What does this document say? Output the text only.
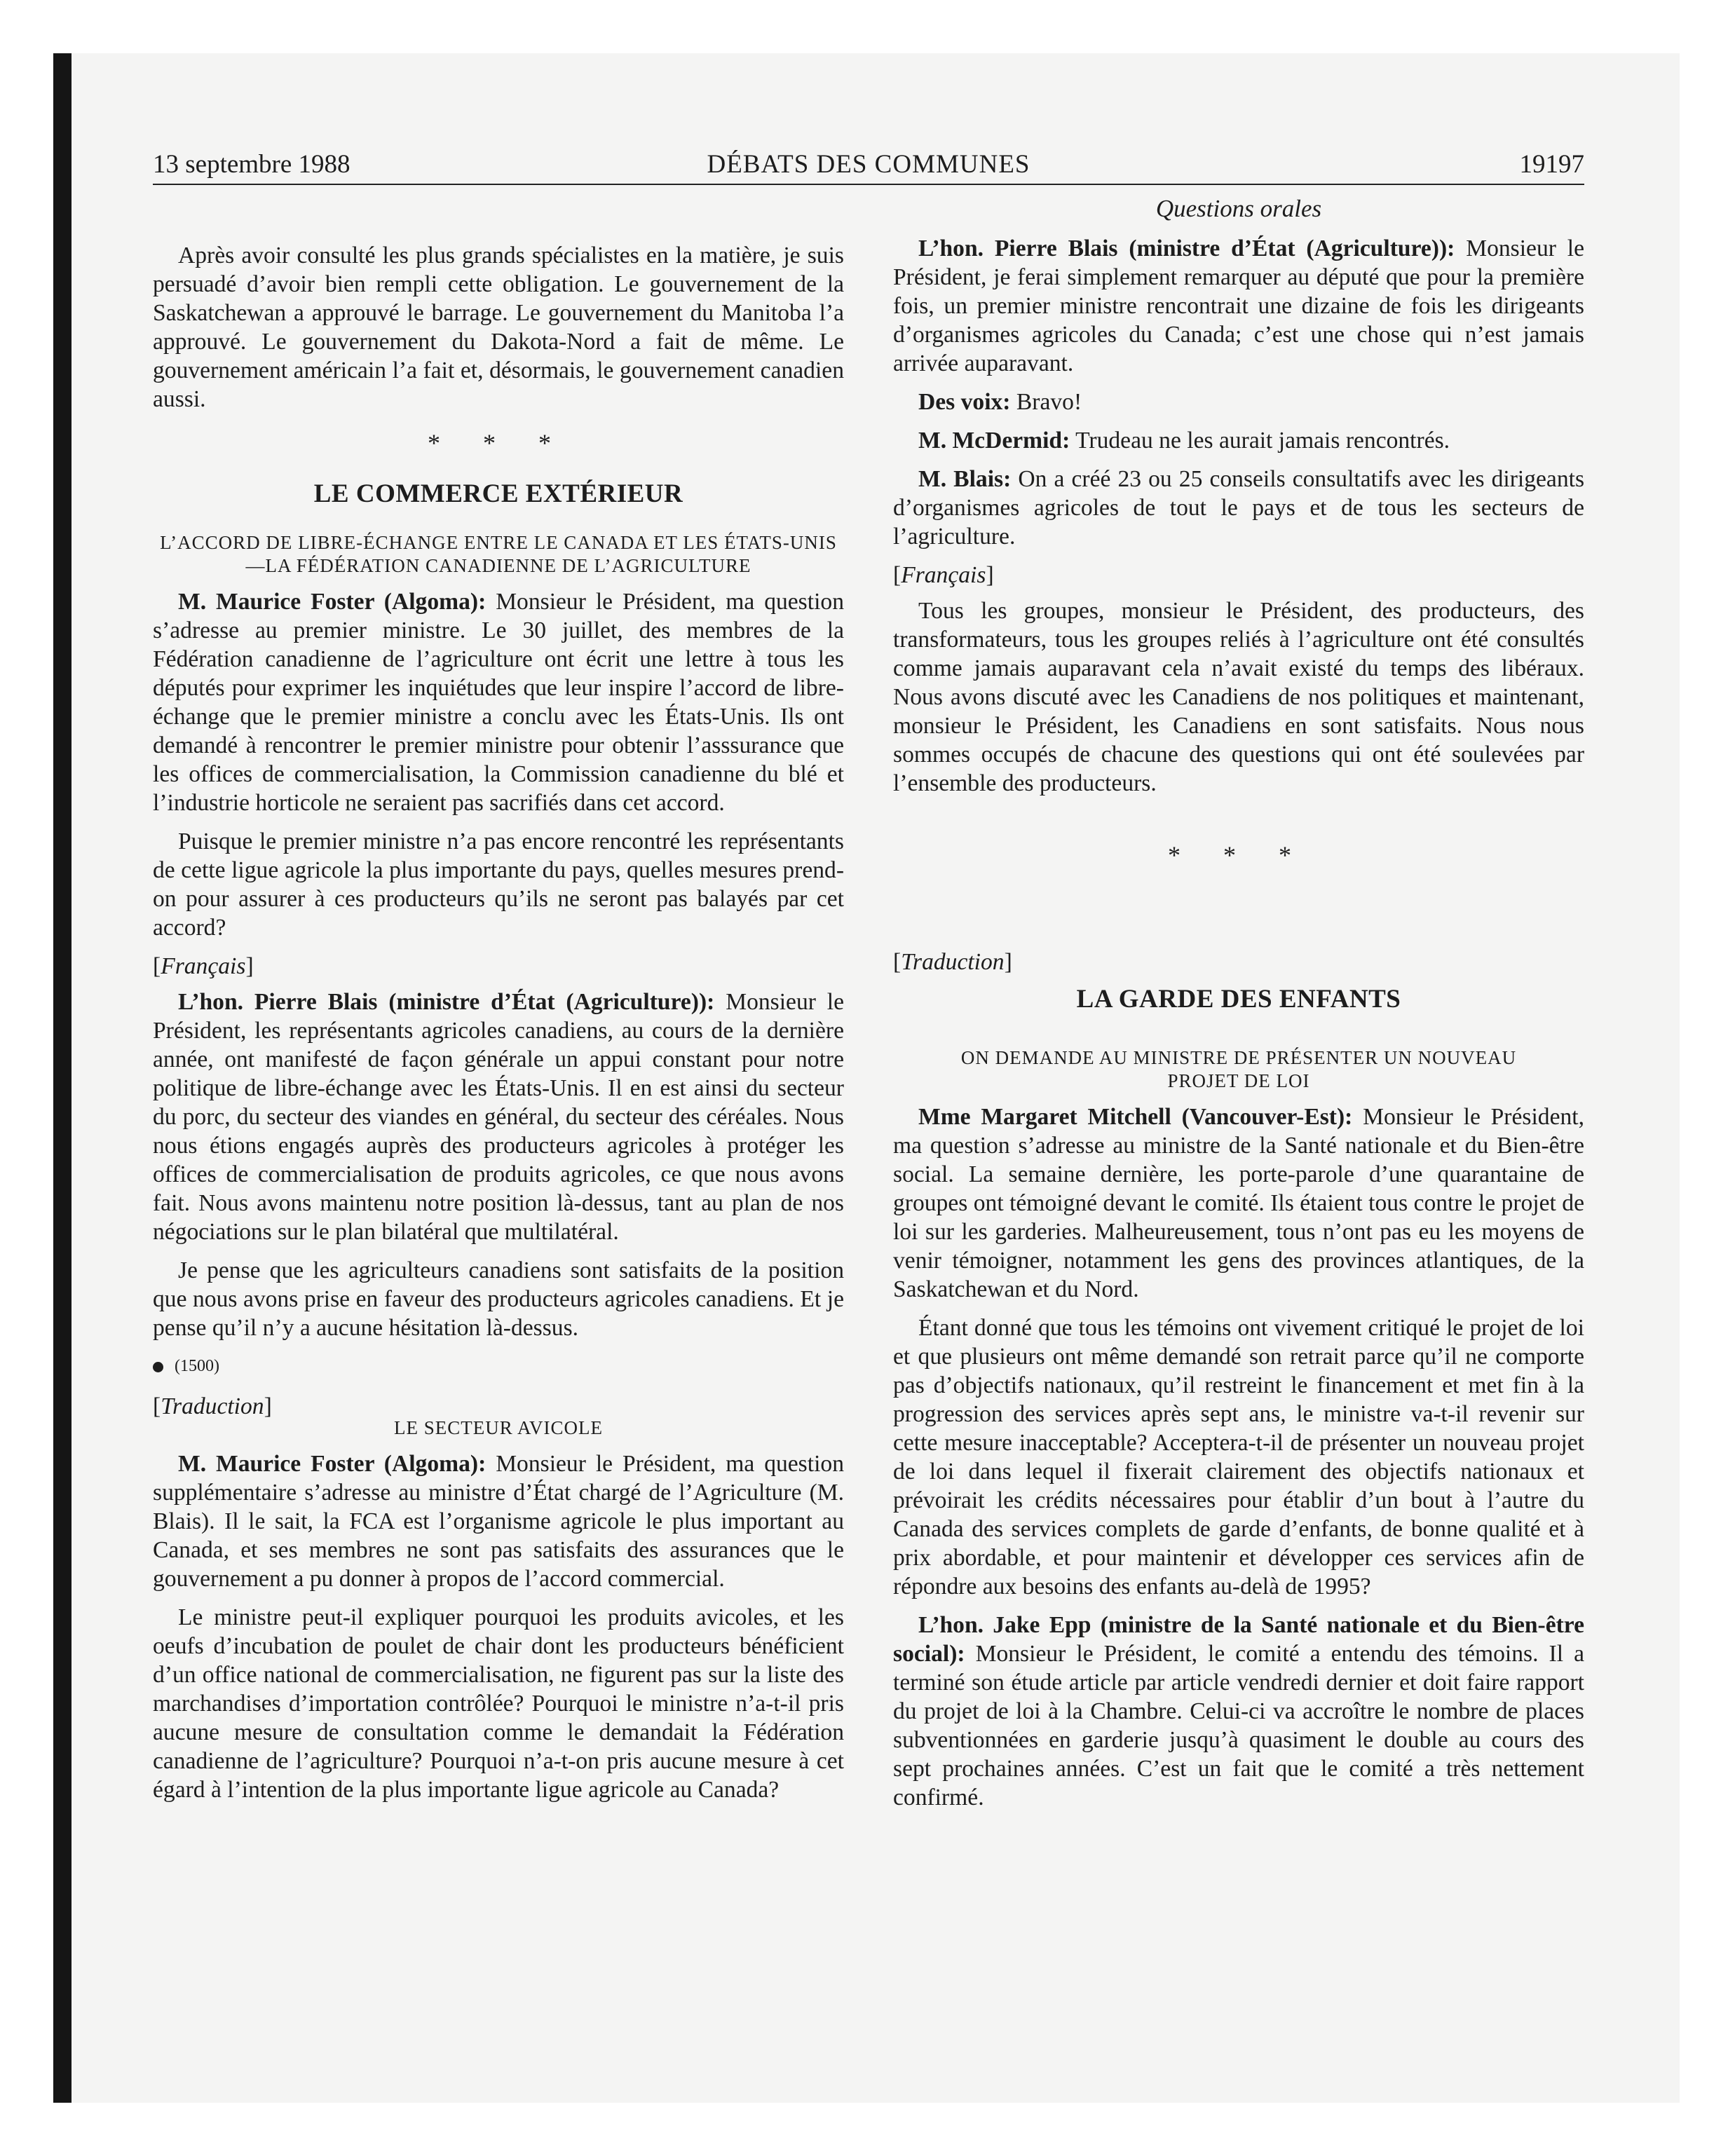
DÉBATS DES COMMUNES
13 septembre 1988	19197

Après avoir consulté les plus grands spécialistes en la matière, je suis persuadé d’avoir bien rempli cette obligation. Le gouvernement de la Saskatchewan a approuvé le barrage. Le gouvernement du Manitoba l’a approuvé. Le gouvernement du Dakota-Nord a fait de même. Le gouvernement américain l’a fait et, désormais, le gouvernement canadien aussi.

* * *
LE COMMERCE EXTÉRIEUR
L’ACCORD DE LIBRE-ÉCHANGE ENTRE LE CANADA ET LES ÉTATS-UNIS—LA FÉDÉRATION CANADIENNE DE L’AGRICULTURE

M. Maurice Foster (Algoma): Monsieur le Président, ma question s’adresse au premier ministre. Le 30 juillet, des membres de la Fédération canadienne de l’agriculture ont écrit une lettre à tous les députés pour exprimer les inquiétudes que leur inspire l’accord de libre-échange que le premier ministre a conclu avec les États-Unis. Ils ont demandé à rencontrer le premier ministre pour obtenir l’asssurance que les offices de commercialisation, la Commission canadienne du blé et l’industrie horticole ne seraient pas sacrifiés dans cet accord.

Puisque le premier ministre n’a pas encore rencontré les représentants de cette ligue agricole la plus importante du pays, quelles mesures prend-on pour assurer à ces producteurs qu’ils ne seront pas balayés par cet accord?

[Français]

L’hon. Pierre Blais (ministre d’État (Agriculture)): Monsieur le Président, les représentants agricoles canadiens, au cours de la dernière année, ont manifesté de façon générale un appui constant pour notre politique de libre-échange avec les États-Unis. Il en est ainsi du secteur du porc, du secteur des viandes en général, du secteur des céréales. Nous nous étions engagés auprès des producteurs agricoles à protéger les offices de commercialisation de produits agricoles, ce que nous avons fait. Nous avons maintenu notre position là-dessus, tant au plan de nos négociations sur le plan bilatéral que multilatéral.

Je pense que les agriculteurs canadiens sont satisfaits de la position que nous avons prise en faveur des producteurs agricoles canadiens. Et je pense qu’il n’y a aucune hésitation là-dessus.

(1500)
[Traduction]
LE SECTEUR AVICOLE

M. Maurice Foster (Algoma): Monsieur le Président, ma question supplémentaire s’adresse au ministre d’État chargé de l’Agriculture (M. Blais). Il le sait, la FCA est l’organisme agricole le plus important au Canada, et ses membres ne sont pas satisfaits des assurances que le gouvernement a pu donner à propos de l’accord commercial.

Le ministre peut-il expliquer pourquoi les produits avicoles, et les oeufs d’incubation de poulet de chair dont les producteurs bénéficient d’un office national de commercialisation, ne figurent pas sur la liste des marchandises d’importation contrôlée? Pourquoi le ministre n’a-t-il pris aucune mesure de consultation comme le demandait la Fédération canadienne de l’agriculture? Pourquoi n’a-t-on pris aucune mesure à cet égard à l’intention de la plus importante ligue agricole au Canada?

Questions orales

L’hon. Pierre Blais (ministre d’État (Agriculture)): Monsieur le Président, je ferai simplement remarquer au député que pour la première fois, un premier ministre rencontrait une dizaine de fois les dirigeants d’organismes agricoles du Canada; c’est une chose qui n’est jamais arrivée auparavant.

Des voix: Bravo!

M. McDermid: Trudeau ne les aurait jamais rencontrés.

M. Blais: On a créé 23 ou 25 conseils consultatifs avec les dirigeants d’organismes agricoles de tout le pays et de tous les secteurs de l’agriculture.

[Français]

Tous les groupes, monsieur le Président, des producteurs, des transformateurs, tous les groupes reliés à l’agriculture ont été consultés comme jamais auparavant cela n’avait existé du temps des libéraux. Nous avons discuté avec les Canadiens de nos politiques et maintenant, monsieur le Président, les Canadiens en sont satisfaits. Nous nous sommes occupés de chacune des questions qui ont été soulevées par l’ensemble des producteurs.

* * *
[Traduction]
LA GARDE DES ENFANTS
ON DEMANDE AU MINISTRE DE PRÉSENTER UN NOUVEAU PROJET DE LOI

Mme Margaret Mitchell (Vancouver-Est): Monsieur le Président, ma question s’adresse au ministre de la Santé nationale et du Bien-être social. La semaine dernière, les porte-parole d’une quarantaine de groupes ont témoigné devant le comité. Ils étaient tous contre le projet de loi sur les garderies. Malheureusement, tous n’ont pas eu les moyens de venir témoigner, notamment les gens des provinces atlantiques, de la Saskatchewan et du Nord.

Étant donné que tous les témoins ont vivement critiqué le projet de loi et que plusieurs ont même demandé son retrait parce qu’il ne comporte pas d’objectifs nationaux, qu’il restreint le financement et met fin à la progression des services après sept ans, le ministre va-t-il revenir sur cette mesure inacceptable? Acceptera-t-il de présenter un nouveau projet de loi dans lequel il fixerait clairement des objectifs nationaux et prévoirait les crédits nécessaires pour établir d’un bout à l’autre du Canada des services complets de garde d’enfants, de bonne qualité et à prix abordable, et pour maintenir et développer ces services afin de répondre aux besoins des enfants au-delà de 1995?

L’hon. Jake Epp (ministre de la Santé nationale et du Bien-être social): Monsieur le Président, le comité a entendu des témoins. Il a terminé son étude article par article vendredi dernier et doit faire rapport du projet de loi à la Chambre. Celui-ci va accroître le nombre de places subventionnées en garderie jusqu’à quasiment le double au cours des sept prochaines années. C’est un fait que le comité a très nettement confirmé.
